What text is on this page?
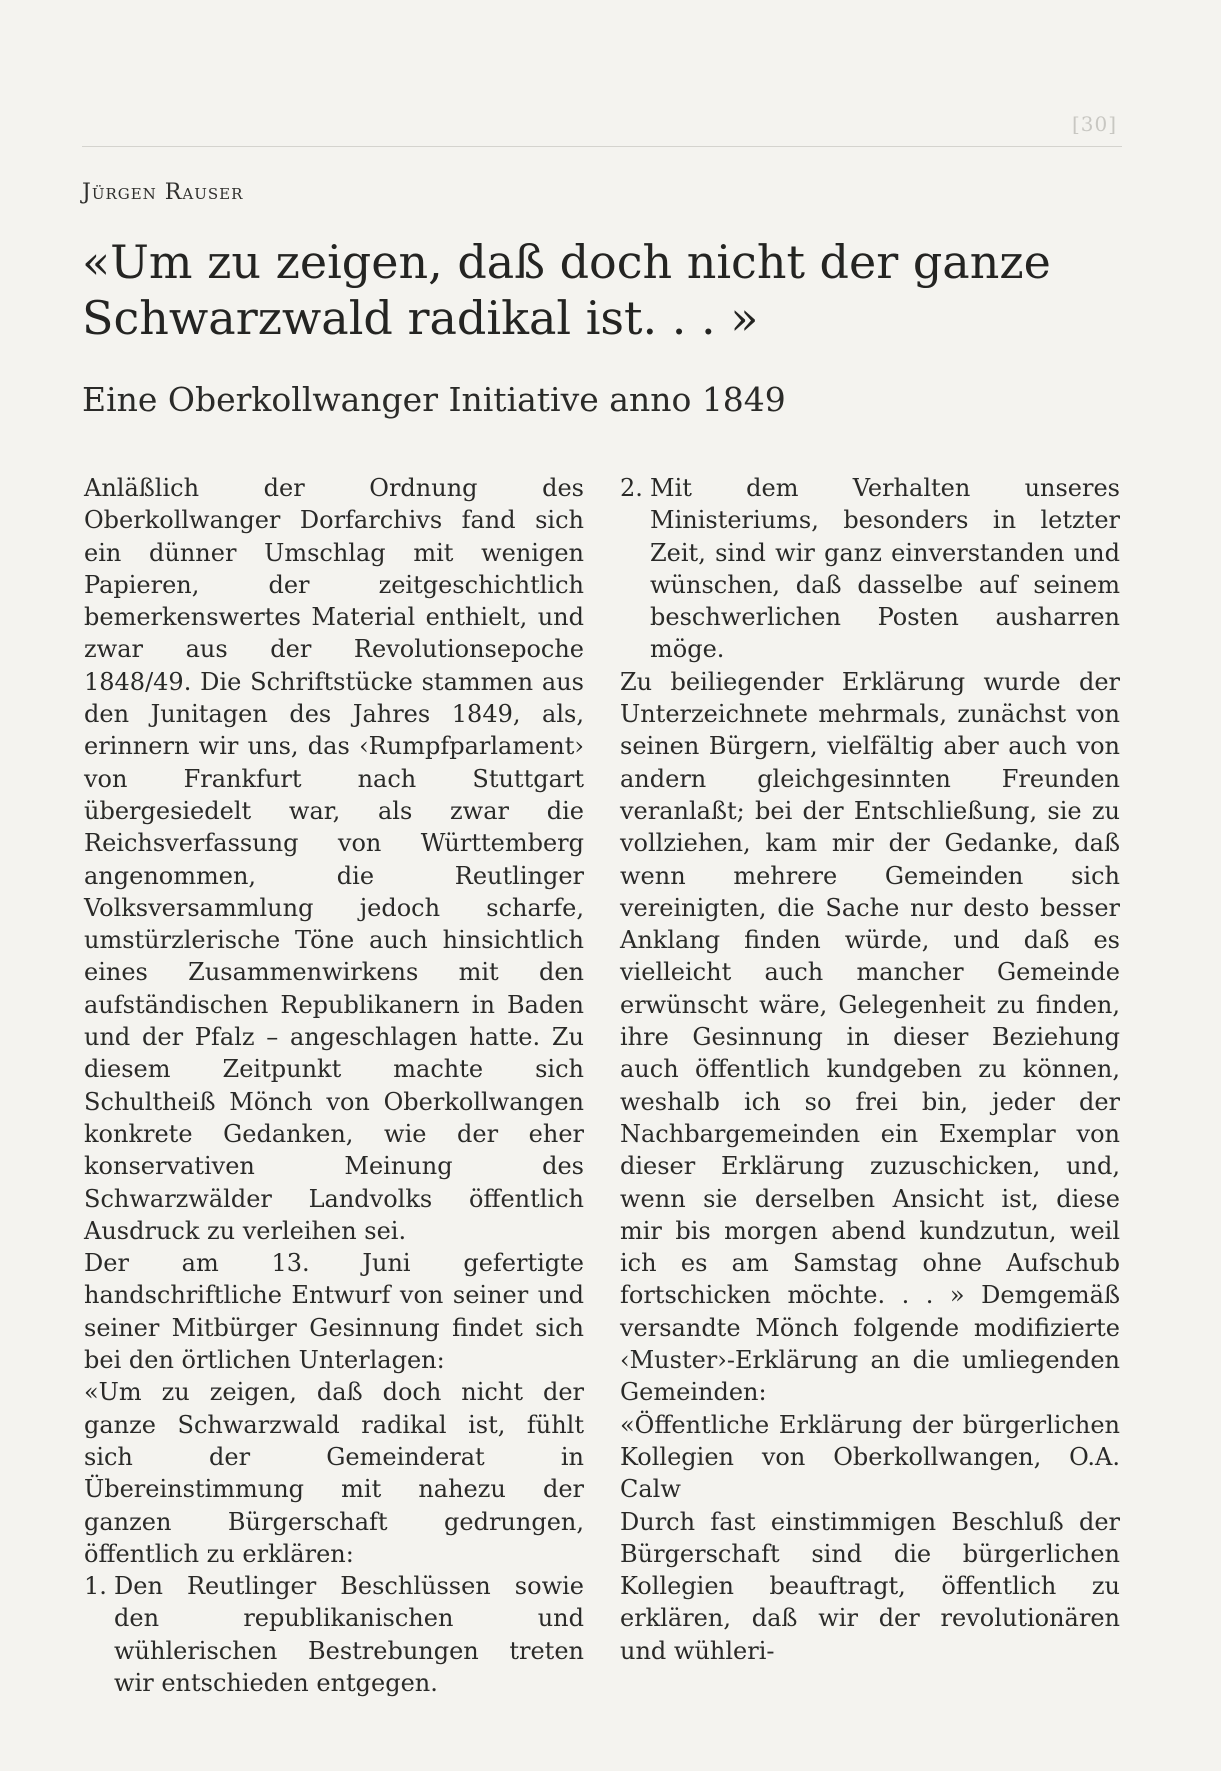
[30]
Jürgen Rauser
«Um zu zeigen, daß doch nicht der ganze
Schwarzwald radikal ist. . . »
Eine Oberkollwanger Initiative anno 1849

Anläßlich der Ordnung des Oberkollwanger Dorfarchivs fand sich ein dünner Umschlag mit wenigen Papieren, der zeitgeschichtlich bemerkenswertes Material enthielt, und zwar aus der Revolutionsepoche 1848/49. Die Schriftstücke stammen aus den Junitagen des Jahres 1849, als, erinnern wir uns, das ‹Rumpfparlament› von Frankfurt nach Stuttgart übergesiedelt war, als zwar die Reichsverfassung von Württemberg angenommen, die Reutlinger Volksversammlung jedoch scharfe, umstürzlerische Töne auch hinsichtlich eines Zusammenwirkens mit den aufständischen Republikanern in Baden und der Pfalz – angeschlagen hatte. Zu diesem Zeitpunkt machte sich Schultheiß Mönch von Oberkollwangen konkrete Gedanken, wie der eher konservativen Meinung des Schwarzwälder Landvolks öffentlich Ausdruck zu verleihen sei.

Der am 13. Juni gefertigte handschriftliche Entwurf von seiner und seiner Mitbürger Gesinnung findet sich bei den örtlichen Unterlagen:

«Um zu zeigen, daß doch nicht der ganze Schwarzwald radikal ist, fühlt sich der Gemeinderat in Übereinstimmung mit nahezu der ganzen Bürgerschaft gedrungen, öffentlich zu erklären:

1. Den Reutlinger Beschlüssen sowie den republikanischen und wühlerischen Bestrebungen treten wir entschieden entgegen.
2. Mit dem Verhalten unseres Ministeriums, besonders in letzter Zeit, sind wir ganz einverstanden und wünschen, daß dasselbe auf seinem beschwerlichen Posten ausharren möge.

Zu beiliegender Erklärung wurde der Unterzeichnete mehrmals, zunächst von seinen Bürgern, vielfältig aber auch von andern gleichgesinnten Freunden veranlaßt; bei der Entschließung, sie zu vollziehen, kam mir der Gedanke, daß wenn mehrere Gemeinden sich vereinigten, die Sache nur desto besser Anklang finden würde, und daß es vielleicht auch mancher Gemeinde erwünscht wäre, Gelegenheit zu finden, ihre Gesinnung in dieser Beziehung auch öffentlich kundgeben zu können, weshalb ich so frei bin, jeder der Nachbargemeinden ein Exemplar von dieser Erklärung zuzuschicken, und, wenn sie derselben Ansicht ist, diese mir bis morgen abend kundzutun, weil ich es am Samstag ohne Aufschub fortschicken möchte. . . » Demgemäß versandte Mönch folgende modifizierte ‹Muster›-Erklärung an die umliegenden Gemeinden:

«Öffentliche Erklärung der bürgerlichen Kollegien von Oberkollwangen, O.A. Calw

Durch fast einstimmigen Beschluß der Bürgerschaft sind die bürgerlichen Kollegien beauftragt, öffentlich zu erklären, daß wir der revolutionären und wühleri-
